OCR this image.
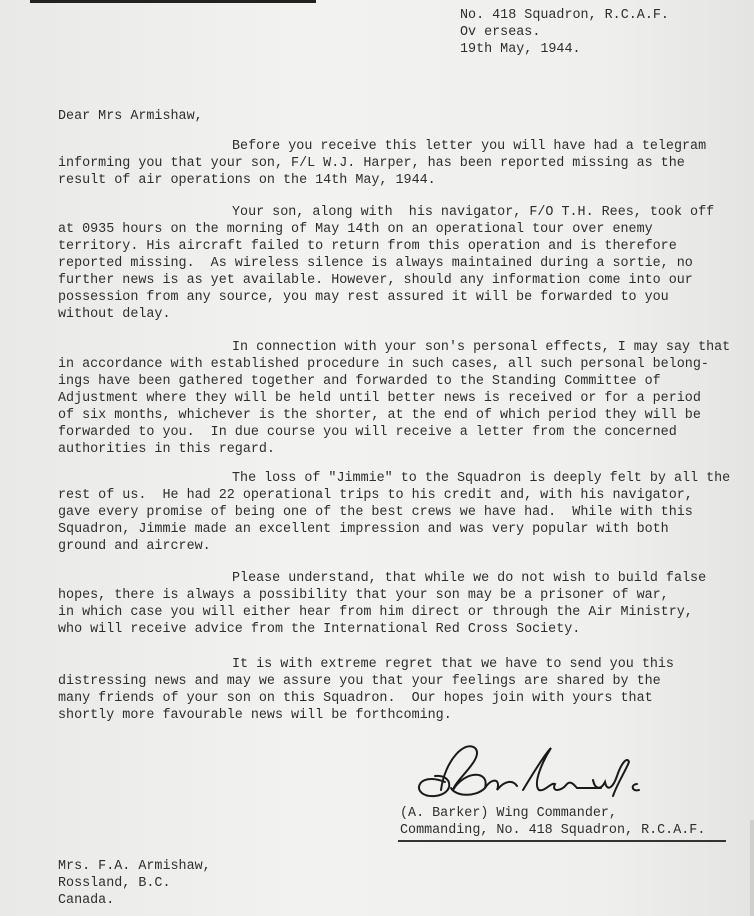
No. 418 Squadron, R.C.A.F.
Ov erseas.
19th May, 1944.
Dear Mrs Armishaw,
Before you receive this letter you will have had a telegram
informing you that your son, F/L W.J. Harper, has been reported missing as the
result of air operations on the 14th May, 1944.
Your son, along with  his navigator, F/O T.H. Rees, took off
at 0935 hours on the morning of May 14th on an operational tour over enemy
territory. His aircraft failed to return from this operation and is therefore
reported missing.  As wireless silence is always maintained during a sortie, no
further news is as yet available. However, should any information come into our
possession from any source, you may rest assured it will be forwarded to you
without delay.
In connection with your son's personal effects, I may say that
in accordance with established procedure in such cases, all such personal belong-
ings have been gathered together and forwarded to the Standing Committee of
Adjustment where they will be held until better news is received or for a period
of six months, whichever is the shorter, at the end of which period they will be
forwarded to you.  In due course you will receive a letter from the concerned
authorities in this regard.
The loss of "Jimmie" to the Squadron is deeply felt by all the
rest of us.  He had 22 operational trips to his credit and, with his navigator,
gave every promise of being one of the best crews we have had.  While with this
Squadron, Jimmie made an excellent impression and was very popular with both
ground and aircrew.
Please understand, that while we do not wish to build false
hopes, there is always a possibility that your son may be a prisoner of war,
in which case you will either hear from him direct or through the Air Ministry,
who will receive advice from the International Red Cross Society.
It is with extreme regret that we have to send you this
distressing news and may we assure you that your feelings are shared by the
many friends of your son on this Squadron.  Our hopes join with yours that
shortly more favourable news will be forthcoming.
(A. Barker) Wing Commander,
Commanding, No. 418 Squadron, R.C.A.F.
Mrs. F.A. Armishaw,
Rossland, B.C.
Canada.
